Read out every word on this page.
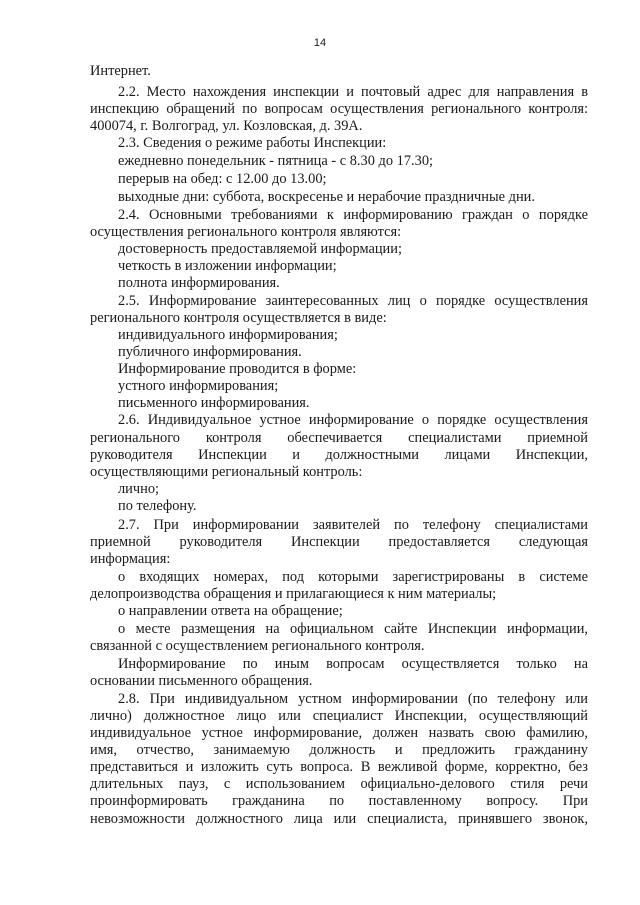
14
Интернет.
2.2. Место нахождения инспекции и почтовый адрес для направления в
инспекцию обращений по вопросам осуществления регионального контроля:
400074, г. Волгоград, ул. Козловская, д. 39А.
2.3. Сведения о режиме работы Инспекции:
ежедневно понедельник - пятница - с 8.30 до 17.30;
перерыв на обед: с 12.00 до 13.00;
выходные дни: суббота, воскресенье и нерабочие праздничные дни.
2.4. Основными требованиями к информированию граждан о порядке
осуществления регионального контроля являются:
достоверность предоставляемой информации;
четкость в изложении информации;
полнота информирования.
2.5. Информирование заинтересованных лиц о порядке осуществления
регионального контроля осуществляется в виде:
индивидуального информирования;
публичного информирования.
Информирование проводится в форме:
устного информирования;
письменного информирования.
2.6. Индивидуальное устное информирование о порядке осуществления
регионального контроля обеспечивается специалистами приемной
руководителя Инспекции и должностными лицами Инспекции,
осуществляющими региональный контроль:
лично;
по телефону.
2.7. При информировании заявителей по телефону специалистами
приемной руководителя Инспекции предоставляется следующая
информация:
о входящих номерах, под которыми зарегистрированы в системе
делопроизводства обращения и прилагающиеся к ним материалы;
о направлении ответа на обращение;
о месте размещения на официальном сайте Инспекции информации,
связанной с осуществлением регионального контроля.
Информирование по иным вопросам осуществляется только на
основании письменного обращения.
2.8. При индивидуальном устном информировании (по телефону или
лично) должностное лицо или специалист Инспекции, осуществляющий
индивидуальное устное информирование, должен назвать свою фамилию,
имя, отчество, занимаемую должность и предложить гражданину
представиться и изложить суть вопроса. В вежливой форме, корректно, без
длительных пауз, с использованием официально-делового стиля речи
проинформировать гражданина по поставленному вопросу. При
невозможности должностного лица или специалиста, принявшего звонок,
